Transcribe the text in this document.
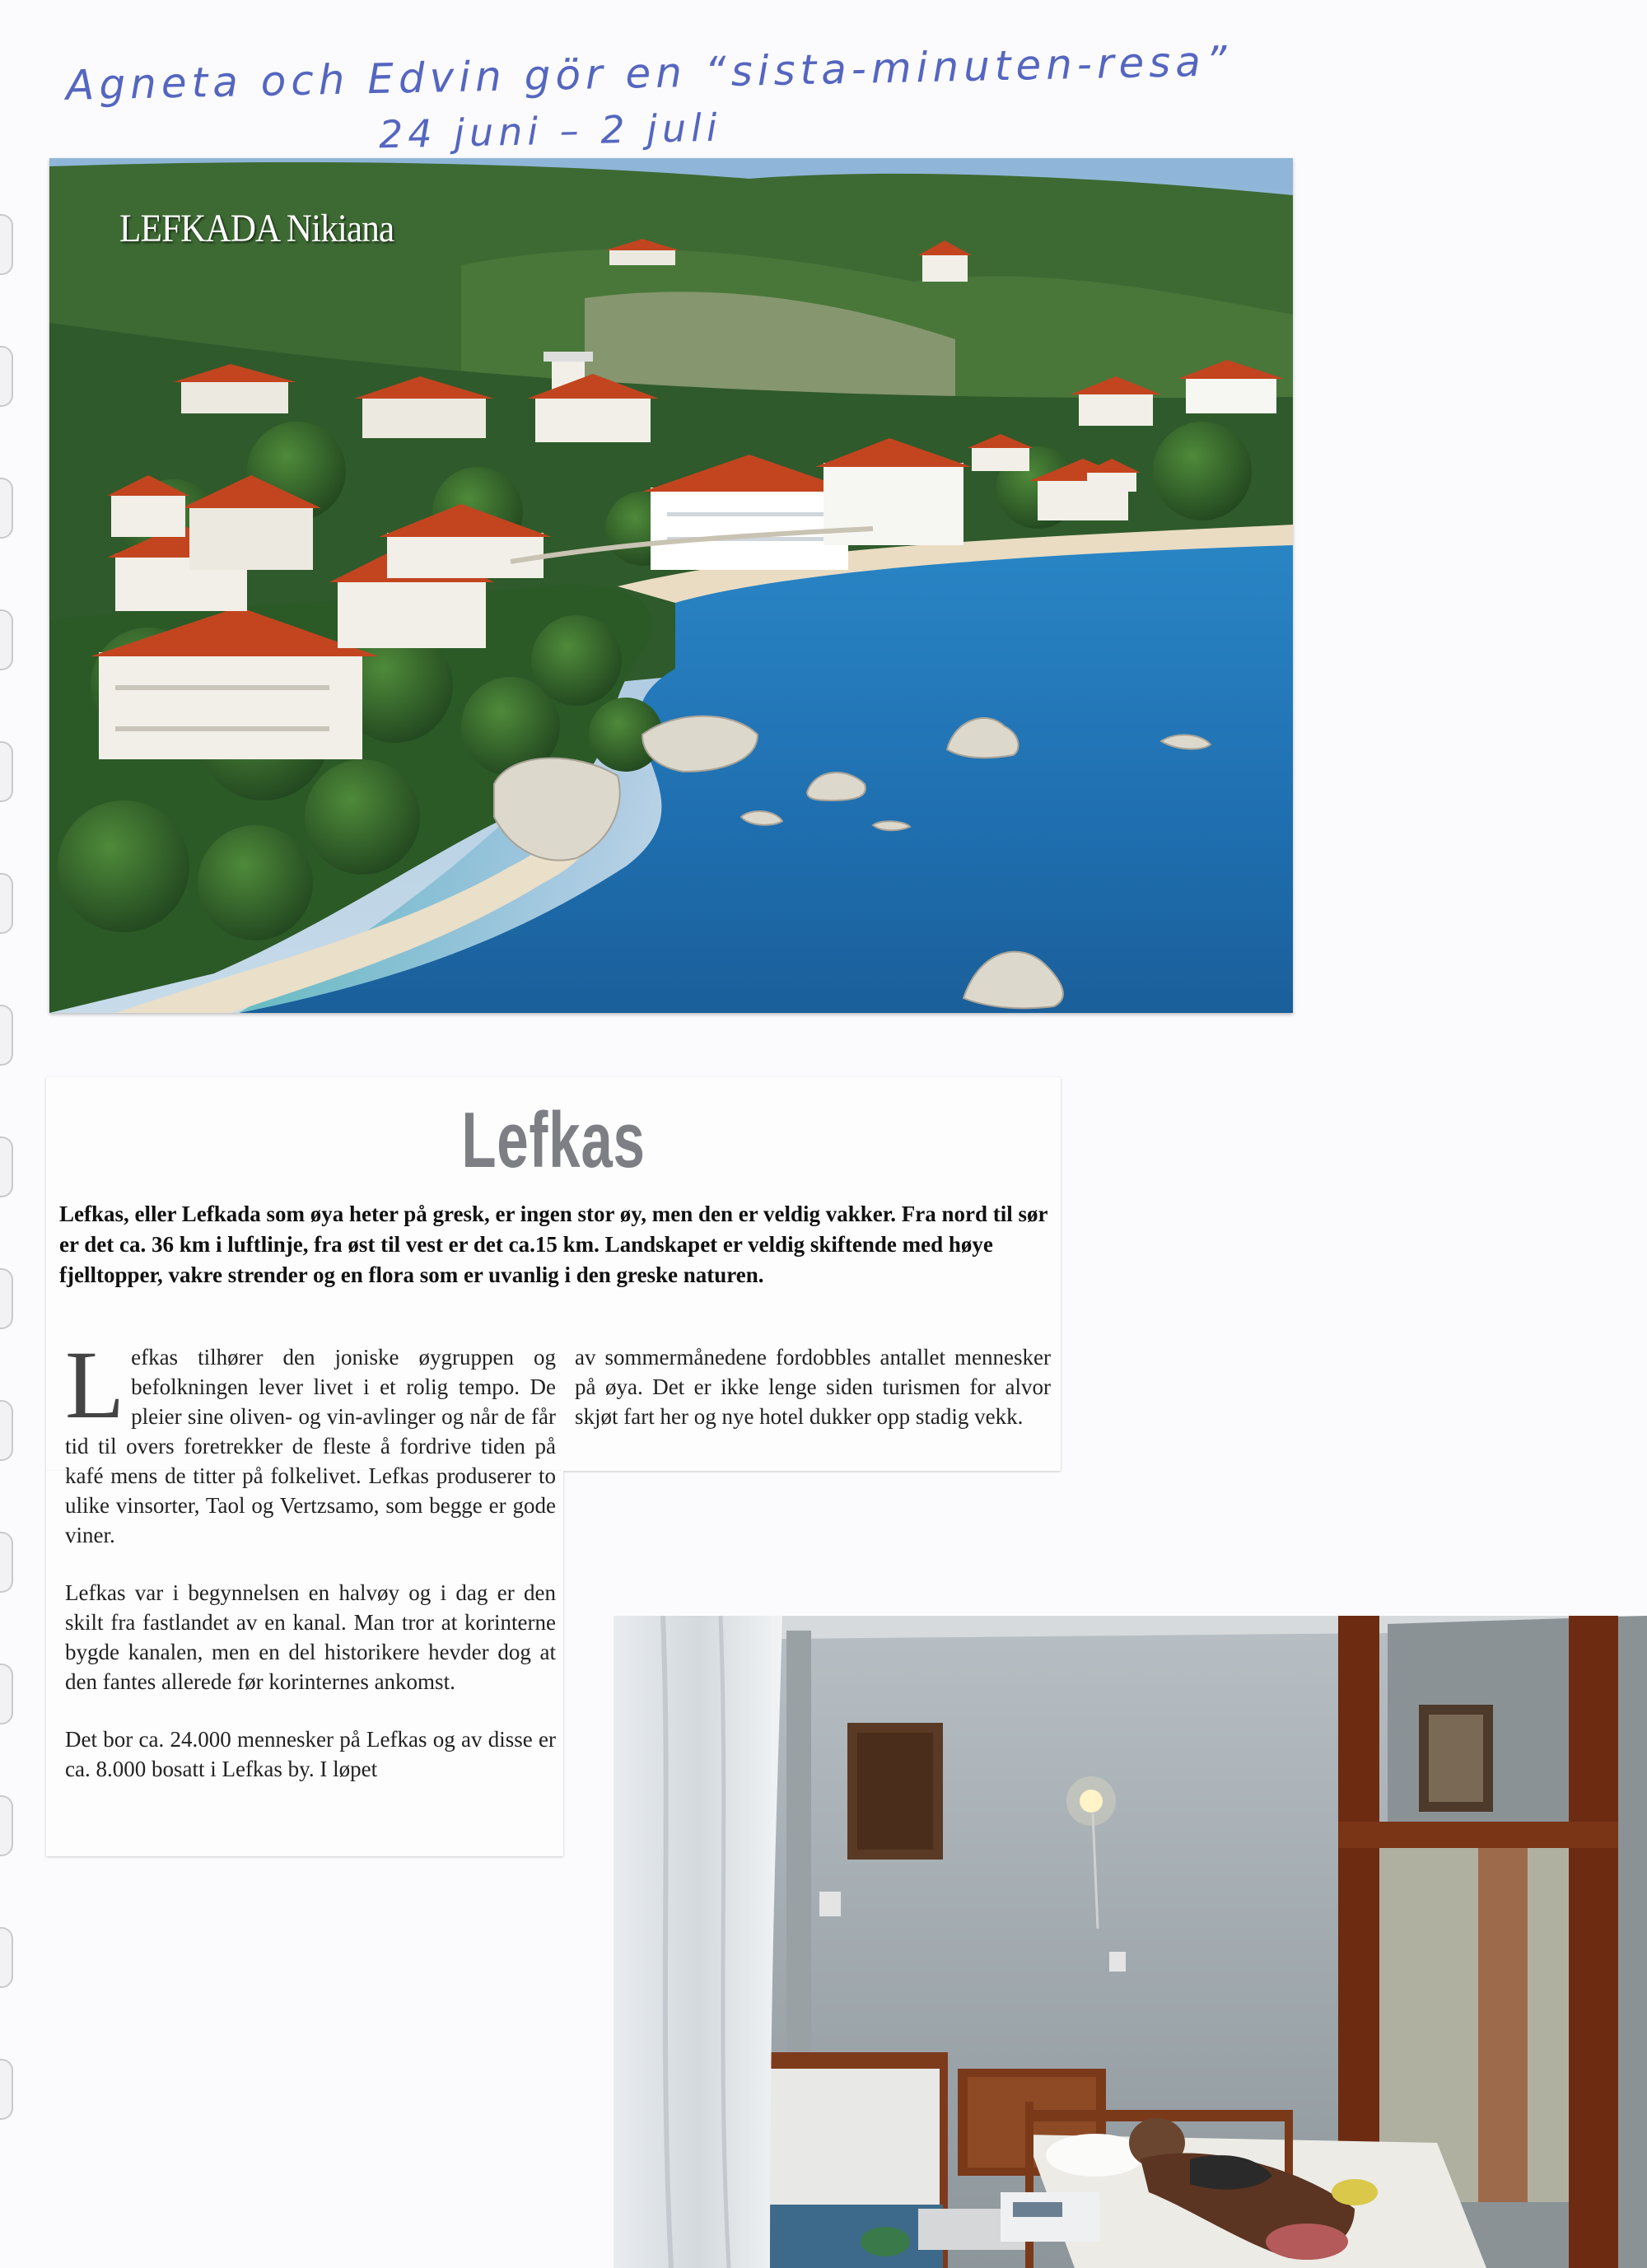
Agneta och Edvin gör en “sista-minuten-resa”
24 juni – 2 juli
LEFKADA Nikiana
Lefkas

Lefkas, eller Lefkada som øya heter på gresk, er ingen stor øy, men den er veldig vakker. Fra nord til sør er det ca. 36 km i luftlinje, fra øst til vest er det ca.15 km. Landskapet er veldig skiftende med høye fjelltopper, vakre strender og en flora som er uvanlig i den greske naturen.

Lefkas tilhører den joniske øygruppen og befolkningen lever livet i et rolig tempo. De pleier sine oliven- og vin-avlinger og når de får tid til overs foretrekker de fleste å fordrive tiden på kafé mens de titter på folkelivet. Lefkas produserer to ulike vinsorter, Taol og Vertzsamo, som begge er gode viner.

Lefkas var i begynnelsen en halvøy og i dag er den skilt fra fastlandet av en kanal. Man tror at korinterne bygde kanalen, men en del historikere hevder dog at den fantes allerede før korinternes ankomst.

Det bor ca. 24.000 mennesker på Lefkas og av disse er ca. 8.000 bosatt i Lefkas by. I løpet

av sommermånedene fordobbles antallet mennesker på øya. Det er ikke lenge siden turismen for alvor skjøt fart her og nye hotel dukker opp stadig vekk.
